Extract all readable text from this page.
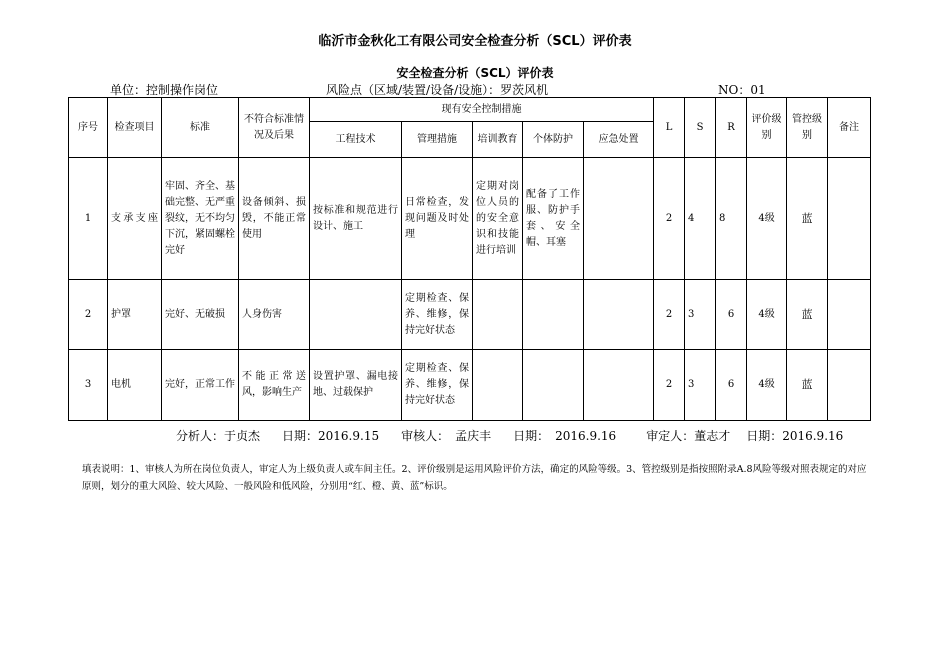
临沂市金秋化工有限公司安全检查分析（SCL）评价表
安全检查分析（SCL）评价表
单位：控制操作岗位	风险点（区域/装置/设备/设施）：罗茨风机	NO：01
序号	检查项目	标准	不符合标准情况及后果	现有安全控制措施					L	S	R	评价级别	管控级别	备注
				工程技术	管理措施	培训教育	个体防护	应急处置						
1	支承支座	牢固、齐全、基础完整、无严重裂纹，无不均匀下沉，紧固螺栓完好	设备倾斜、损毁，不能正常使用	按标准和规范进行设计、施工	日常检查，发现问题及时处理	定期对岗位人员的的安全意识和技能进行培训	配备了工作服、防护手套、安全帽、耳塞		2	4	8	4级	蓝	
2	护罩	完好、无破损	人身伤害		定期检查、保养、维修，保持完好状态				2	3	6	4级	蓝	
3	电机	完好，正常工作	不能正常送风，影响生产	设置护罩、漏电接地、过载保护	定期检查、保养、维修，保持完好状态				2	3	6	4级	蓝	
分析人：于贞杰 日期：2016.9.15 审核人：　孟庆丰 日期：　2016.9.16	审定人：董志才 日期：2016.9.16
填表说明：1、审核人为所在岗位负责人，审定人为上级负责人或车间主任。2、评价级别是运用风险评价方法，确定的风险等级。3、管控级别是指按照附录A.8风险等级对照表规定的对应原则，划分的重大风险、较大风险、一般风险和低风险，分别用“红、橙、黄、蓝”标识。
